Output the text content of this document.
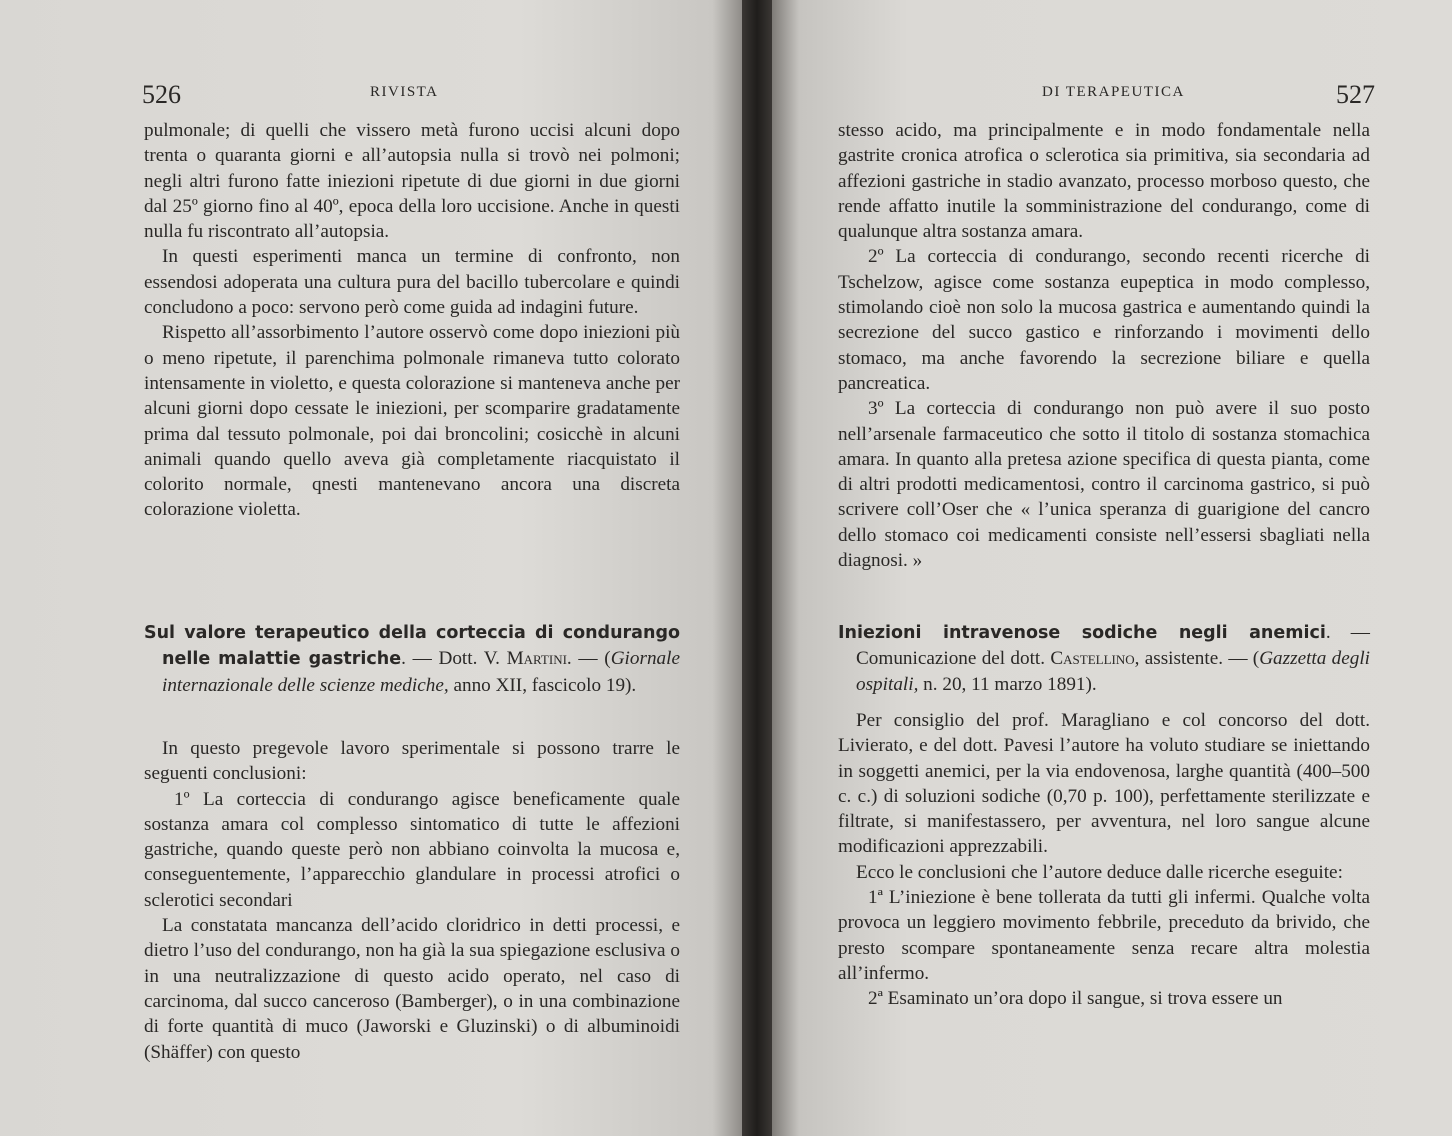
526	RIVISTA

pulmonale; di quelli che vissero metà furono uccisi alcuni dopo trenta o quaranta giorni e all’autopsia nulla si trovò nei polmoni; negli altri furono fatte iniezioni ripetute di due giorni in due giorni dal 25º giorno fino al 40º, epoca della loro uccisione. Anche in questi nulla fu riscontrato all’autopsia.

In questi esperimenti manca un termine di confronto, non essendosi adoperata una cultura pura del bacillo tubercolare e quindi concludono a poco: servono però come guida ad indagini future.

Rispetto all’assorbimento l’autore osservò come dopo iniezioni più o meno ripetute, il parenchima polmonale rimaneva tutto colorato intensamente in violetto, e questa colorazione si manteneva anche per alcuni giorni dopo cessate le iniezioni, per scomparire gradatamente prima dal tessuto polmonale, poi dai broncolini; cosicchè in alcuni animali quando quello aveva già completamente riacquistato il colorito normale, qnesti mantenevano ancora una discreta colorazione violetta.

Sul valore terapeutico della corteccia di condurango nelle malattie gastriche. — Dott. V. Martini. — (Giornale internazionale delle scienze mediche, anno XII, fascicolo 19).

In questo pregevole lavoro sperimentale si possono trarre le seguenti conclusioni:

1º La corteccia di condurango agisce beneficamente quale sostanza amara col complesso sintomatico di tutte le affezioni gastriche, quando queste però non abbiano coinvolta la mucosa e, conseguentemente, l’apparecchio glandulare in processi atrofici o sclerotici secondari

La constatata mancanza dell’acido cloridrico in detti processi, e dietro l’uso del condurango, non ha già la sua spiegazione esclusiva o in una neutralizzazione di questo acido operato, nel caso di carcinoma, dal succo canceroso (Bamberger), o in una combinazione di forte quantità di muco (Jaworski e Gluzinski) o di albuminoidi (Shäffer) con questo

DI TERAPEUTICA	527

stesso acido, ma principalmente e in modo fondamentale nella gastrite cronica atrofica o sclerotica sia primitiva, sia secondaria ad affezioni gastriche in stadio avanzato, processo morboso questo, che rende affatto inutile la somministrazione del condurango, come di qualunque altra sostanza amara.

2º La corteccia di condurango, secondo recenti ricerche di Tschelzow, agisce come sostanza eupeptica in modo complesso, stimolando cioè non solo la mucosa gastrica e aumentando quindi la secrezione del succo gastico e rinforzando i movimenti dello stomaco, ma anche favorendo la secrezione biliare e quella pancreatica.

3º La corteccia di condurango non può avere il suo posto nell’arsenale farmaceutico che sotto il titolo di sostanza stomachica amara. In quanto alla pretesa azione specifica di questa pianta, come di altri prodotti medicamentosi, contro il carcinoma gastrico, si può scrivere coll’Oser che « l’unica speranza di guarigione del cancro dello stomaco coi medicamenti consiste nell’essersi sbagliati nella diagnosi. »

Iniezioni intravenose sodiche negli anemici. — Comunicazione del dott. Castellino, assistente. — (Gazzetta degli ospitali, n. 20, 11 marzo 1891).

Per consiglio del prof. Maragliano e col concorso del dott. Livierato, e del dott. Pavesi l’autore ha voluto studiare se iniettando in soggetti anemici, per la via endovenosa, larghe quantità (400–500 c. c.) di soluzioni sodiche (0,70 p. 100), perfettamente sterilizzate e filtrate, si manifestassero, per avventura, nel loro sangue alcune modificazioni apprezzabili.

Ecco le conclusioni che l’autore deduce dalle ricerche eseguite:

1ª L’iniezione è bene tollerata da tutti gli infermi. Qualche volta provoca un leggiero movimento febbrile, preceduto da brivido, che presto scompare spontaneamente senza recare altra molestia all’infermo.

2ª Esaminato un’ora dopo il sangue, si trova essere un
